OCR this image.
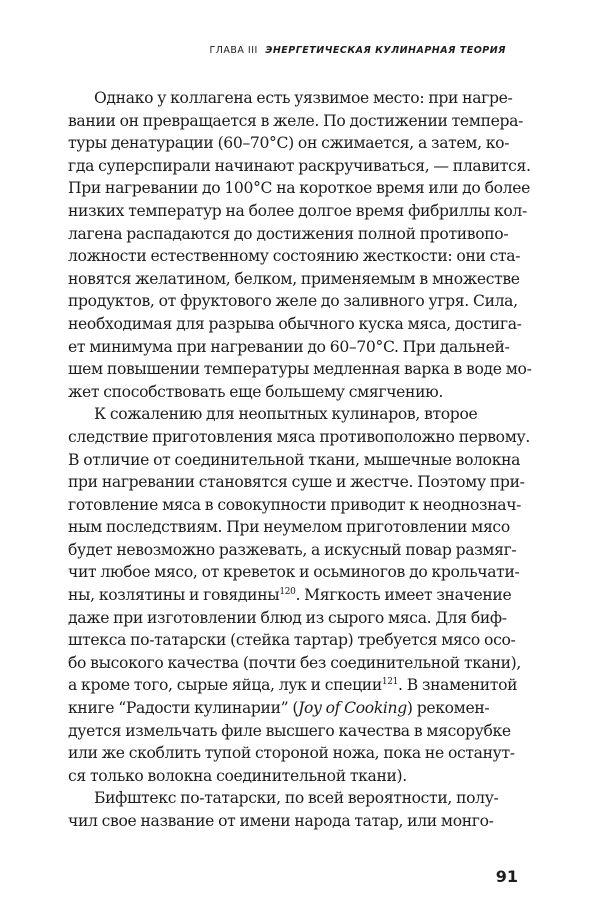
ГЛАВА III ЭНЕРГЕТИЧЕСКАЯ КУЛИНАРНАЯ ТЕОРИЯ
Однако у коллагена есть уязвимое место: при нагре-
вании он превращается в желе. По достижении темпера-
туры денатурации (60–70°C) он сжимается, а затем, ко-
гда суперспирали начинают раскручиваться, — плавится.
При нагревании до 100°C на короткое время или до более
низких температур на более долгое время фибриллы кол-
лагена распадаются до достижения полной противопо-
ложности естественному состоянию жесткости: они ста-
новятся желатином, белком, применяемым в множестве
продуктов, от фруктового желе до заливного угря. Сила,
необходимая для разрыва обычного куска мяса, достига-
ет минимума при нагревании до 60–70°C. При дальней-
шем повышении температуры медленная варка в воде мо-
жет способствовать еще большему смягчению.
К сожалению для неопытных кулинаров, второе
следствие приготовления мяса противоположно первому.
В отличие от соединительной ткани, мышечные волокна
при нагревании становятся суше и жестче. Поэтому при-
готовление мяса в совокупности приводит к неоднознач-
ным последствиям. При неумелом приготовлении мясо
будет невозможно разжевать, а искусный повар размяг-
чит любое мясо, от креветок и осьминогов до крольчати-
ны, козлятины и говядины$^{120}$. Мягкость имеет значение
даже при изготовлении блюд из сырого мяса. Для биф-
штекса по-татарски (стейка тартар) требуется мясо осо-
бо высокого качества (почти без соединительной ткани),
а кроме того, сырые яйца, лук и специи$^{121}$. В знаменитой
книге “Радости кулинарии” (Joy of Cooking) рекомен-
дуется измельчать филе высшего качества в мясорубке
или же скоблить тупой стороной ножа, пока не останут-
ся только волокна соединительной ткани).
Бифштекс по-татарски, по всей вероятности, полу-
чил свое название от имени народа татар, или монго-
91
